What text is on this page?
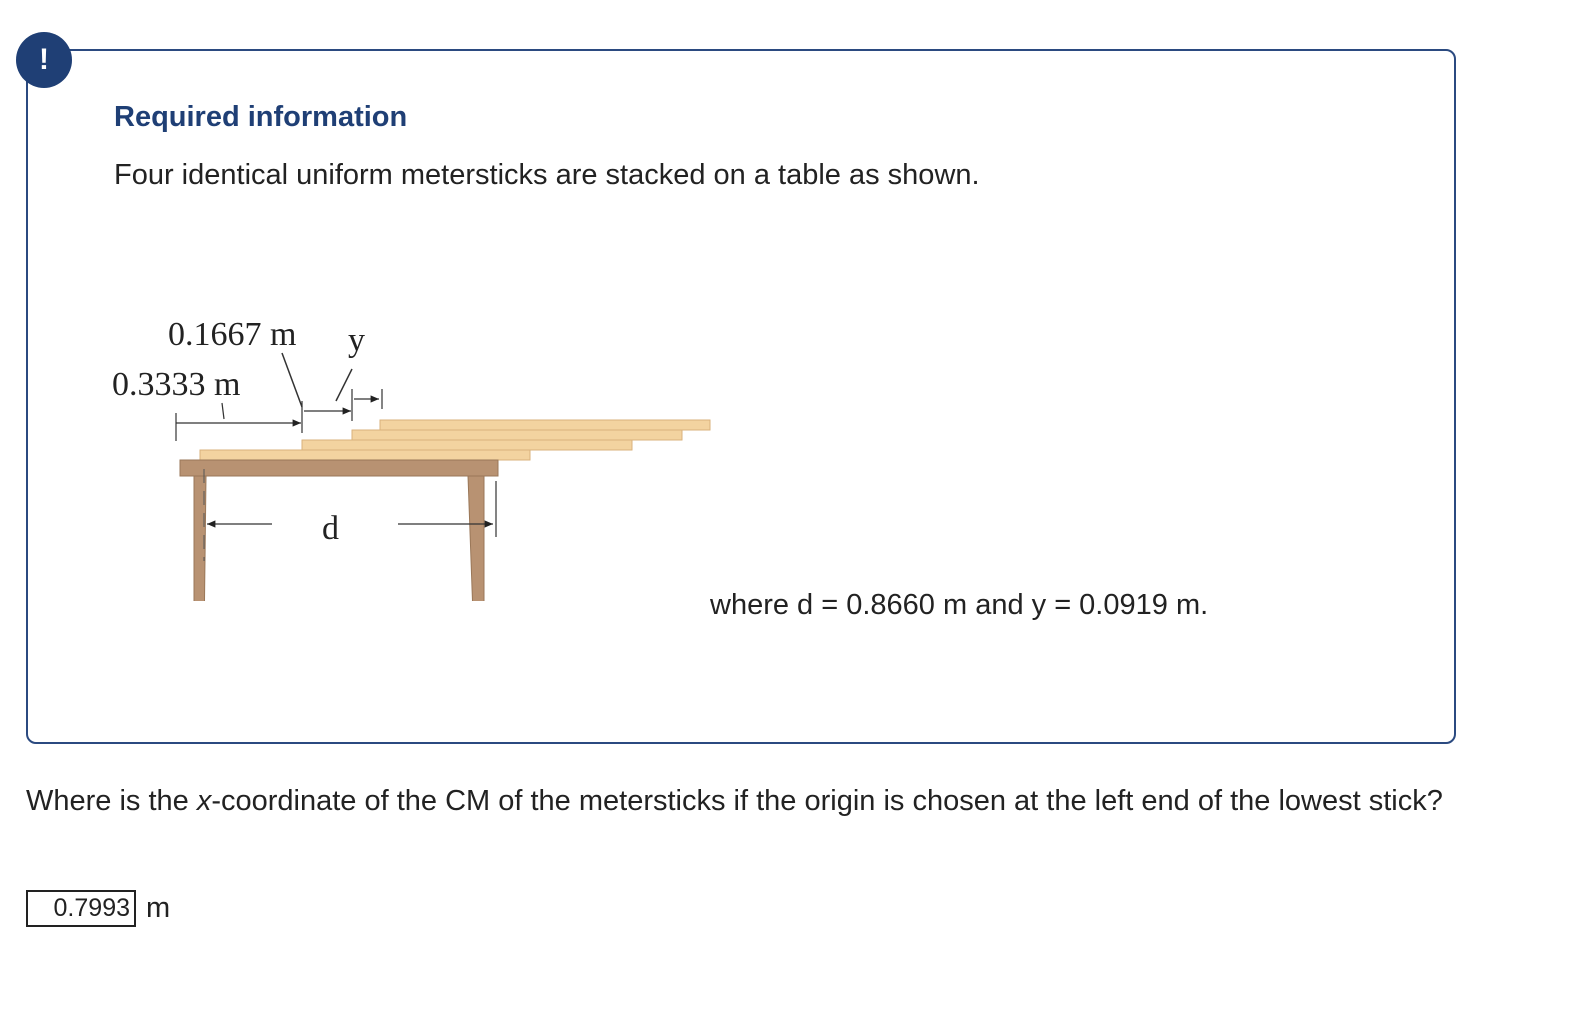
!
Required information
Four identical uniform metersticks are stacked on a table as shown.
0.1667 m y
0.3333 m
d
where d = 0.8660 m and y = 0.0919 m.
Where is the x-coordinate of the CM of the metersticks if the origin is chosen at the left end of the lowest stick?
0.7993
m
